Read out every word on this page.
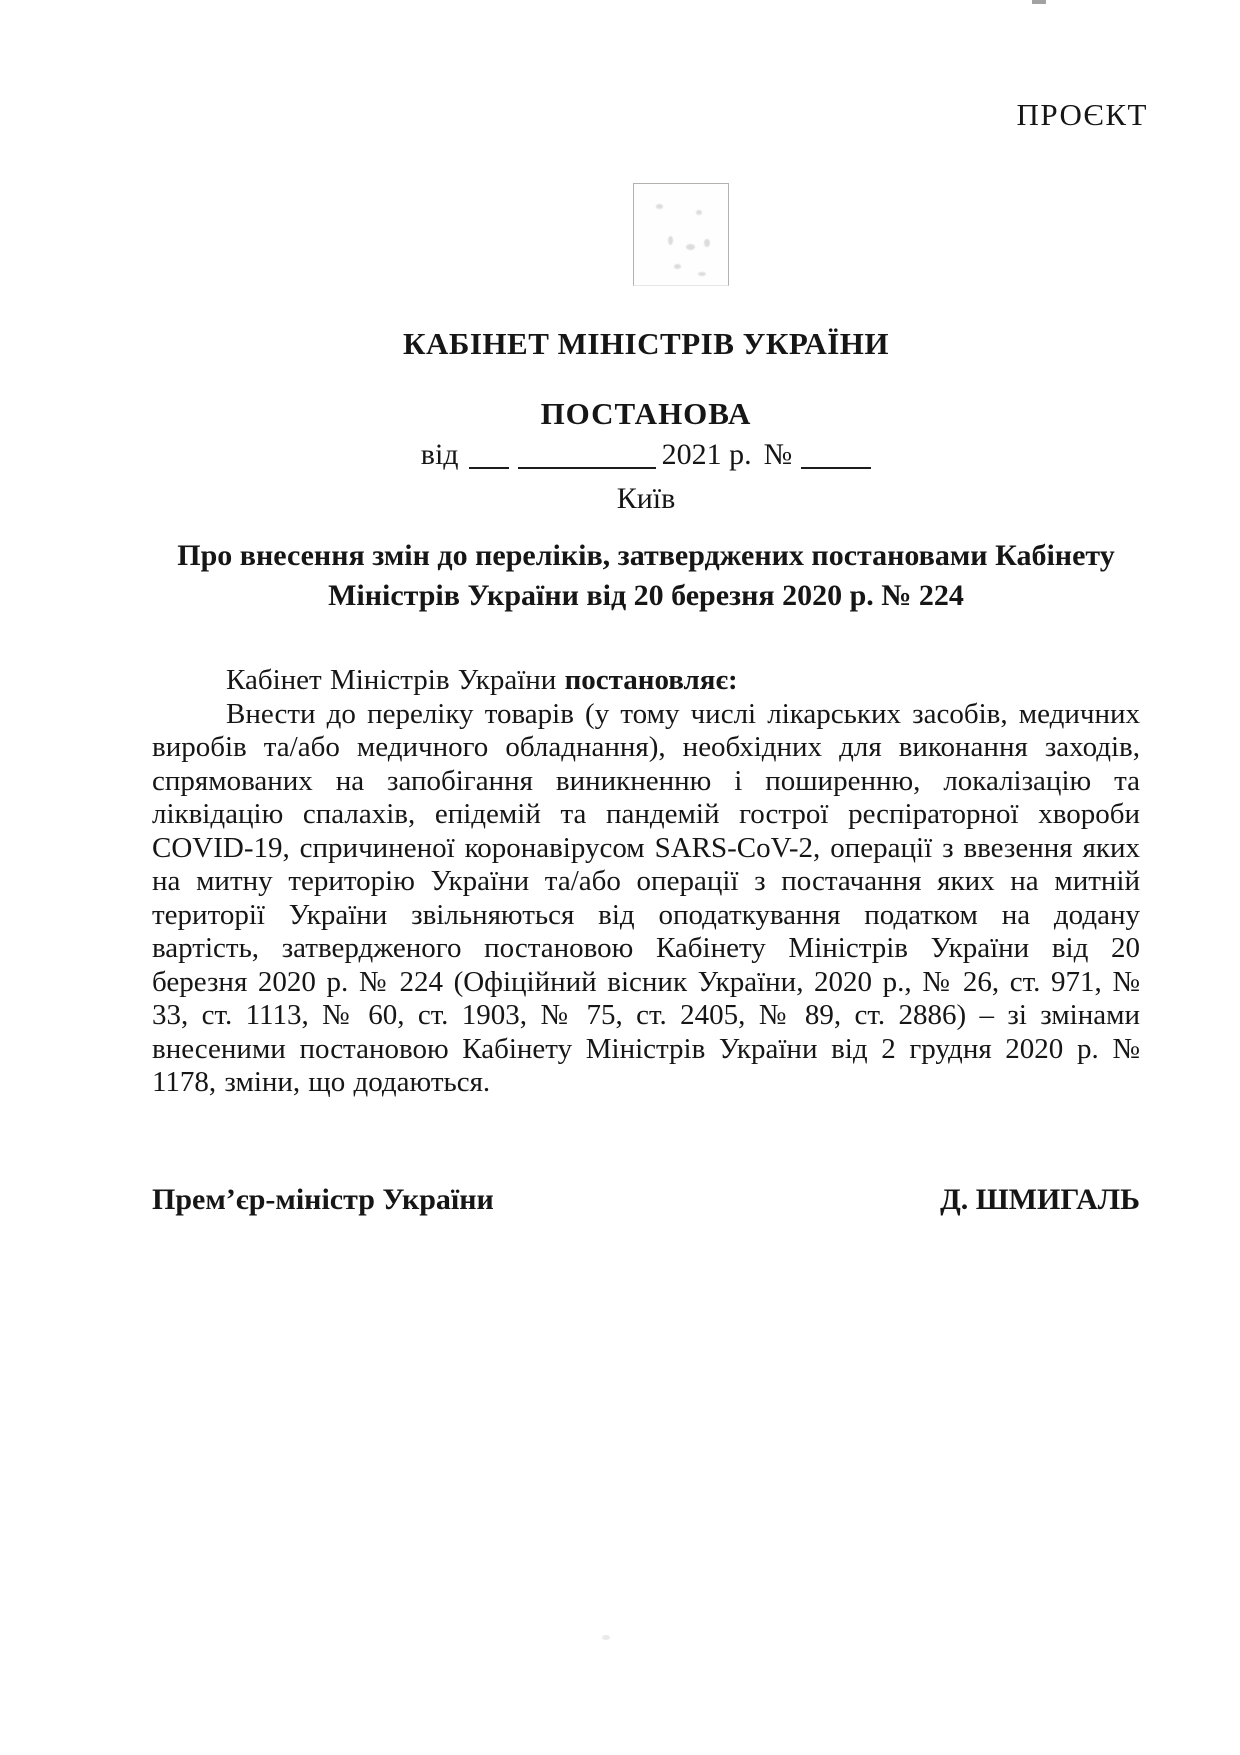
ПРОЄКТ
КАБІНЕТ МІНІСТРІВ УКРАЇНИ
ПОСТАНОВА
від	2021 р. №
Київ
Про внесення змін до переліків, затверджених постановами Кабінету
Міністрів України від 20 березня 2020 р. № 224

Кабінет Міністрів України постановляє:

Внести до переліку товарів (у тому числі лікарських засобів, медичних виробів та/або медичного обладнання), необхідних для виконання заходів, спрямованих на запобігання виникненню і поширенню, локалізацію та ліквідацію спалахів, епідемій та пандемій гострої респіраторної хвороби COVID-19, спричиненої коронавірусом SARS-CoV-2, операції з ввезення яких на митну територію України та/або операції з постачання яких на митній території України звільняються від оподаткування податком на додану вартість, затвердженого постановою Кабінету Міністрів України від 20 березня 2020 р. № 224 (Офіційний вісник України, 2020 р., № 26, ст. 971, № 33, ст. 1113, № 60, ст. 1903, № 75, ст. 2405, № 89, ст. 2886) – зі змінами внесеними постановою Кабінету Міністрів України від 2 грудня 2020 р. № 1178, зміни, що додаються.

Прем’єр-міністр України	Д. ШМИГАЛЬ
